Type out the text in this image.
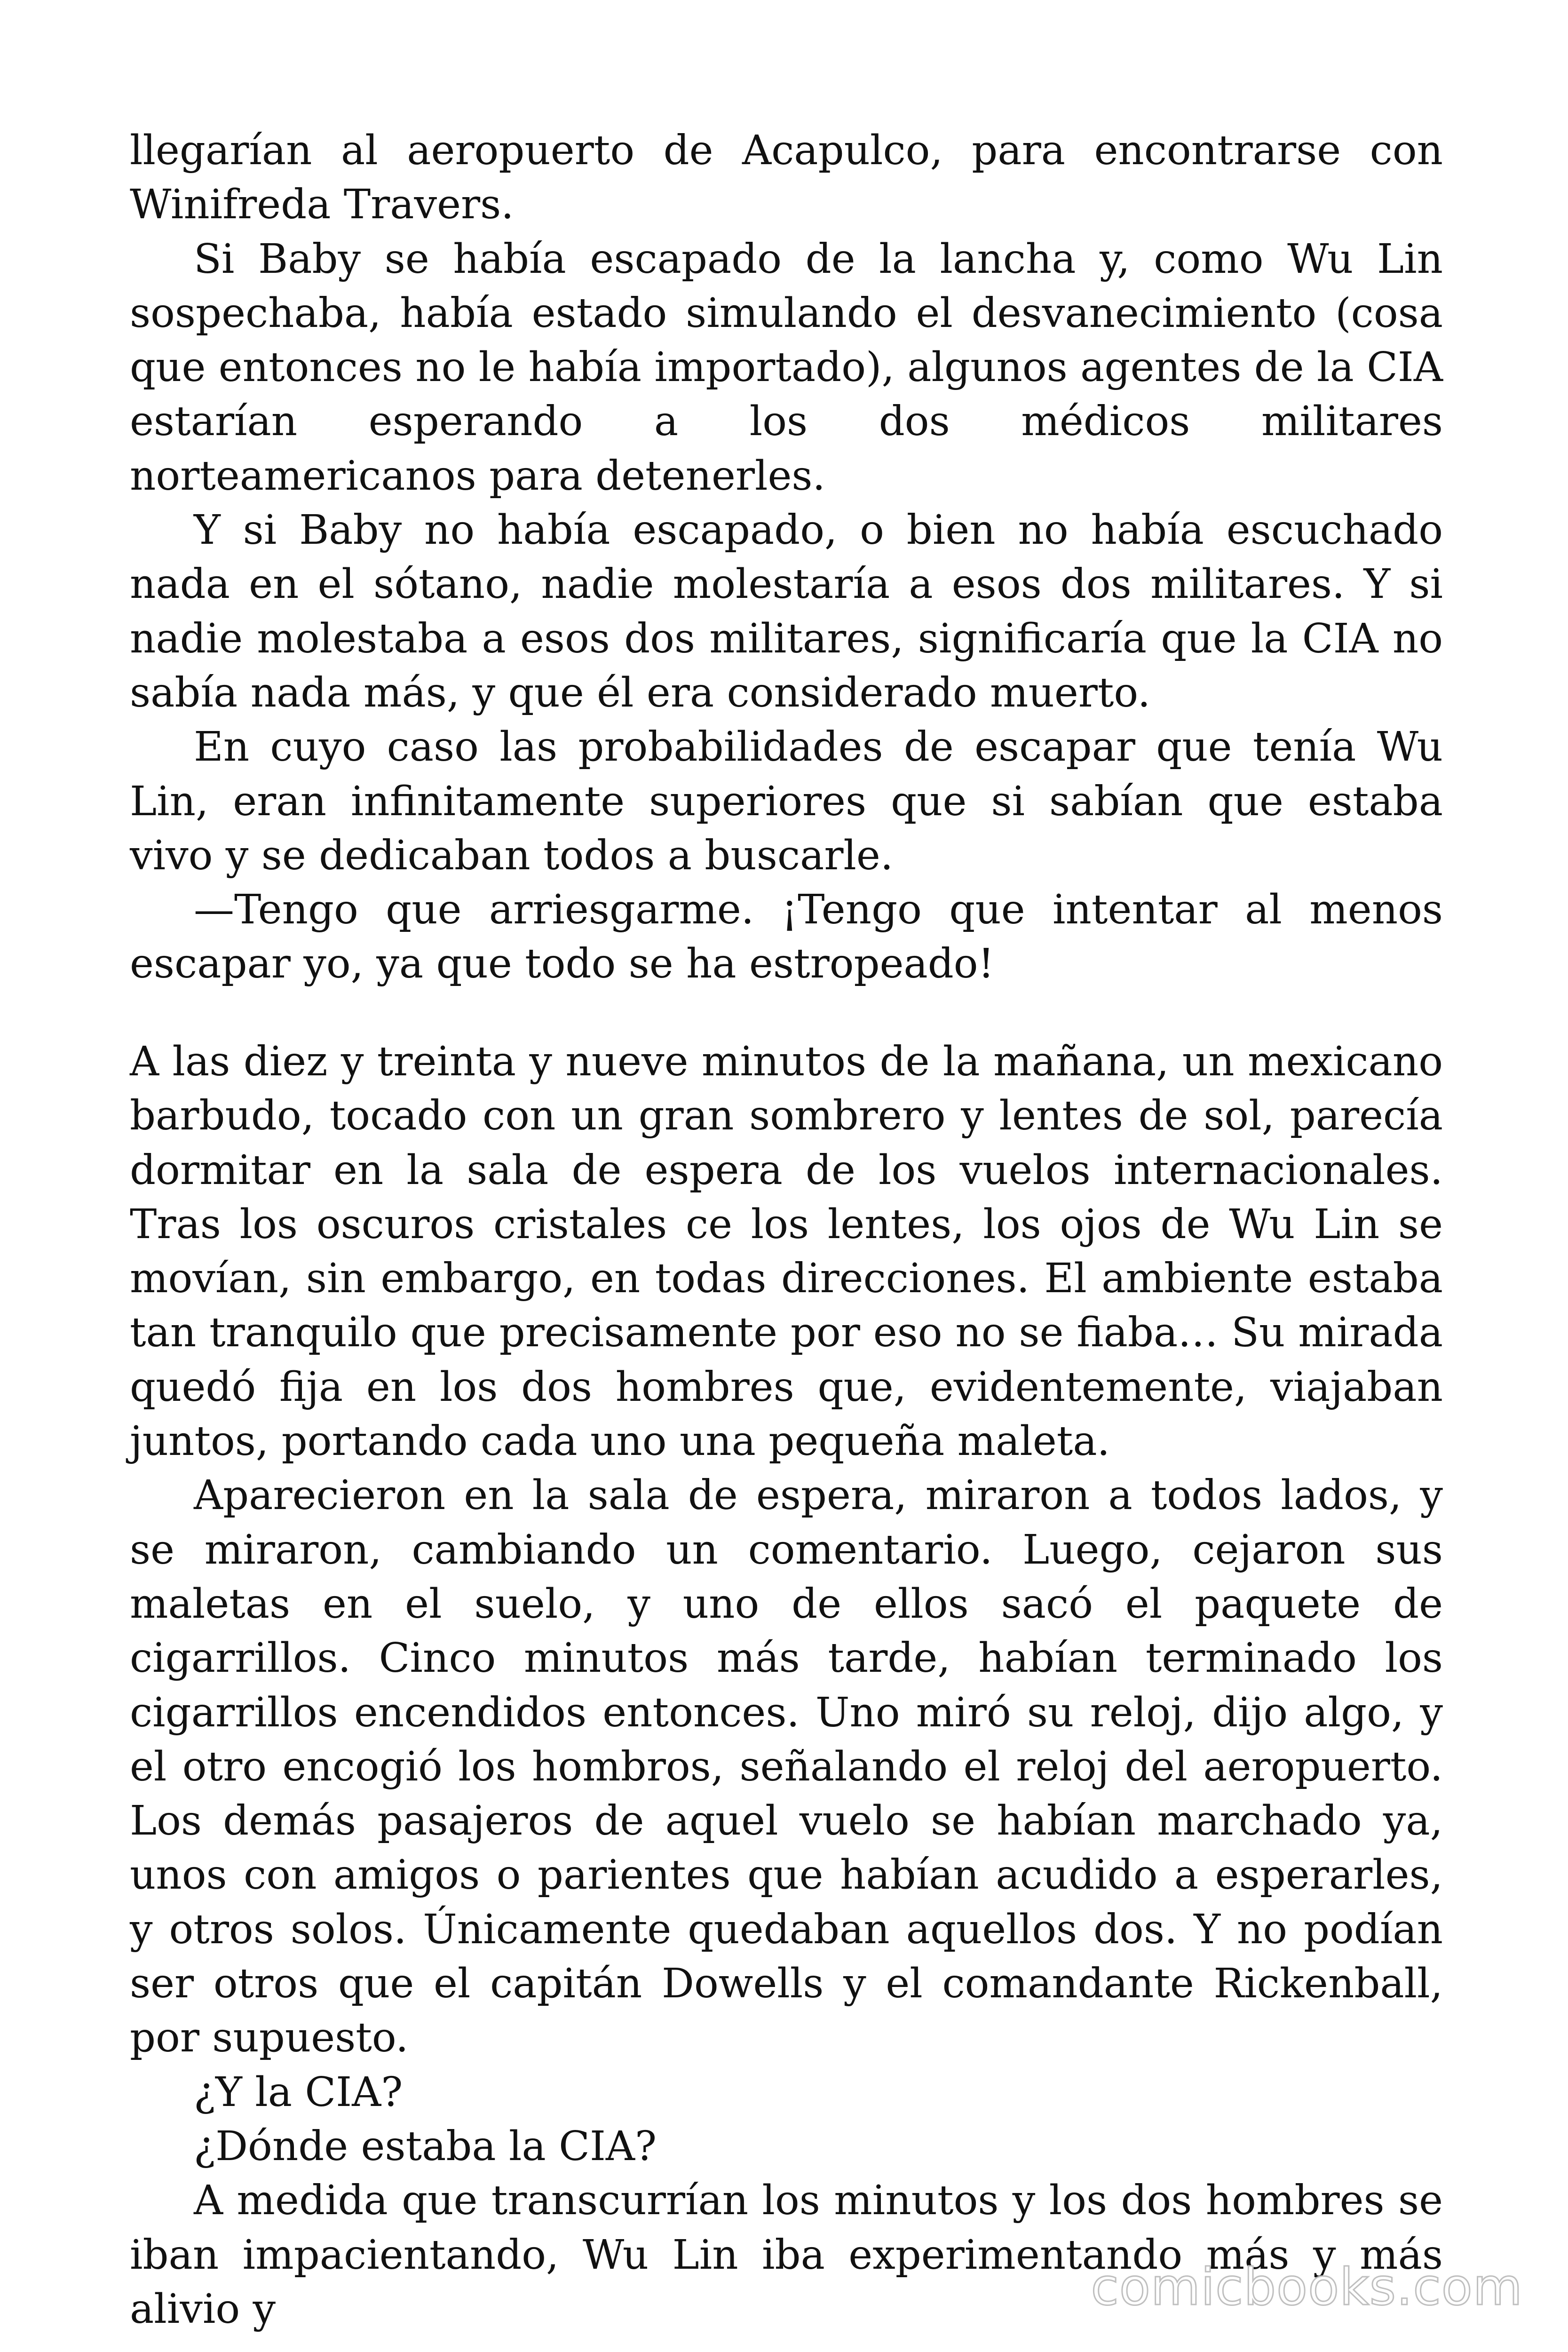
llegarían al aeropuerto de Acapulco, para encontrarse con Winifreda Travers.

Si Baby se había escapado de la lancha y, como Wu Lin sospechaba, había estado simulando el desvanecimiento (cosa que entonces no le había importado), algunos agentes de la CIA estarían esperando a los dos médicos militares norteamericanos para detenerles.

Y si Baby no había escapado, o bien no había escuchado nada en el sótano, nadie molestaría a esos dos militares. Y si nadie molestaba a esos dos militares, significaría que la CIA no sabía nada más, y que él era considerado muerto.

En cuyo caso las probabilidades de escapar que tenía Wu Lin, eran infinitamente superiores que si sabían que estaba vivo y se dedicaban todos a buscarle.

—Tengo que arriesgarme. ¡Tengo que intentar al menos escapar yo, ya que todo se ha estropeado!

A las diez y treinta y nueve minutos de la mañana, un mexicano barbudo, tocado con un gran sombrero y lentes de sol, parecía dormitar en la sala de espera de los vuelos internacionales. Tras los oscuros cristales ce los lentes, los ojos de Wu Lin se movían, sin embargo, en todas direcciones. El ambiente estaba tan tranquilo que precisamente por eso no se fiaba… Su mirada quedó fija en los dos hombres que, evidentemente, viajaban juntos, portando cada uno una pequeña maleta.

Aparecieron en la sala de espera, miraron a todos lados, y se miraron, cambiando un comentario. Luego, cejaron sus maletas en el suelo, y uno de ellos sacó el paquete de cigarrillos. Cinco minutos más tarde, habían terminado los cigarrillos encendidos entonces. Uno miró su reloj, dijo algo, y el otro encogió los hombros, señalando el reloj del aeropuerto. Los demás pasajeros de aquel vuelo se habían marchado ya, unos con amigos o parientes que habían acudido a esperarles, y otros solos. Únicamente quedaban aquellos dos. Y no podían ser otros que el capitán Dowells y el comandante Rickenball, por supuesto.

¿Y la CIA?

¿Dónde estaba la CIA?

A medida que transcurrían los minutos y los dos hombres se iban impacientando, Wu Lin iba experimentando más y más alivio y	comicbooks.com
